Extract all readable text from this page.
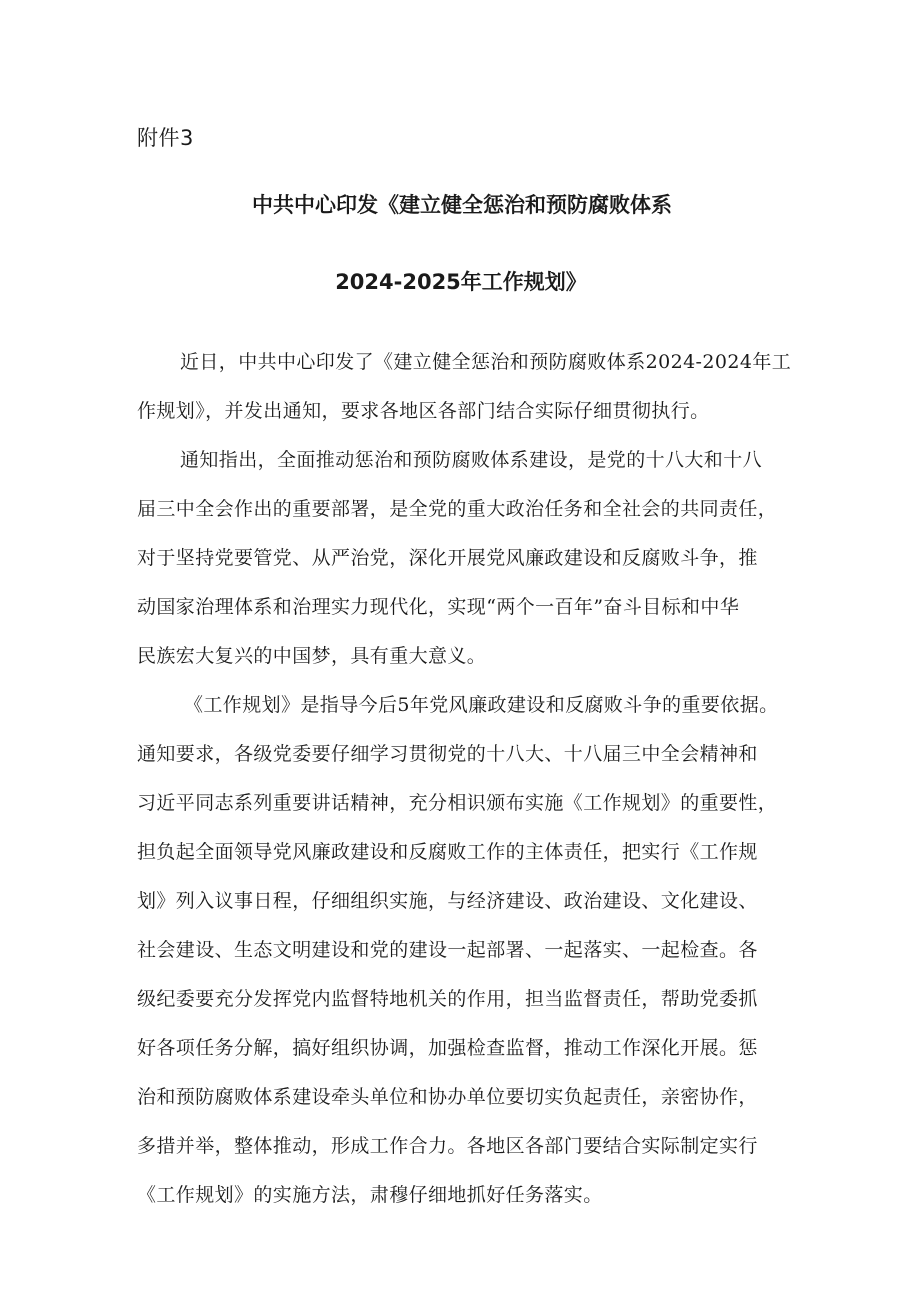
附件3
中共中心印发《建立健全惩治和预防腐败体系
2024-2025年工作规划》
近日，中共中心印发了《建立健全惩治和预防腐败体系2024-2024年工
作规划》，并发出通知，要求各地区各部门结合实际仔细贯彻执行。
通知指出，全面推动惩治和预防腐败体系建设，是党的十八大和十八
届三中全会作出的重要部署，是全党的重大政治任务和全社会的共同责任，
对于坚持党要管党、从严治党，深化开展党风廉政建设和反腐败斗争，推
动国家治理体系和治理实力现代化，实现“两个一百年”奋斗目标和中华
民族宏大复兴的中国梦，具有重大意义。
《工作规划》是指导今后5年党风廉政建设和反腐败斗争的重要依据。
通知要求，各级党委要仔细学习贯彻党的十八大、十八届三中全会精神和
习近平同志系列重要讲话精神，充分相识颁布实施《工作规划》的重要性，
担负起全面领导党风廉政建设和反腐败工作的主体责任，把实行《工作规
划》列入议事日程，仔细组织实施，与经济建设、政治建设、文化建设、
社会建设、生态文明建设和党的建设一起部署、一起落实、一起检查。各
级纪委要充分发挥党内监督特地机关的作用，担当监督责任，帮助党委抓
好各项任务分解，搞好组织协调，加强检查监督，推动工作深化开展。惩
治和预防腐败体系建设牵头单位和协办单位要切实负起责任，亲密协作，
多措并举，整体推动，形成工作合力。各地区各部门要结合实际制定实行
《工作规划》的实施方法，肃穆仔细地抓好任务落实。
